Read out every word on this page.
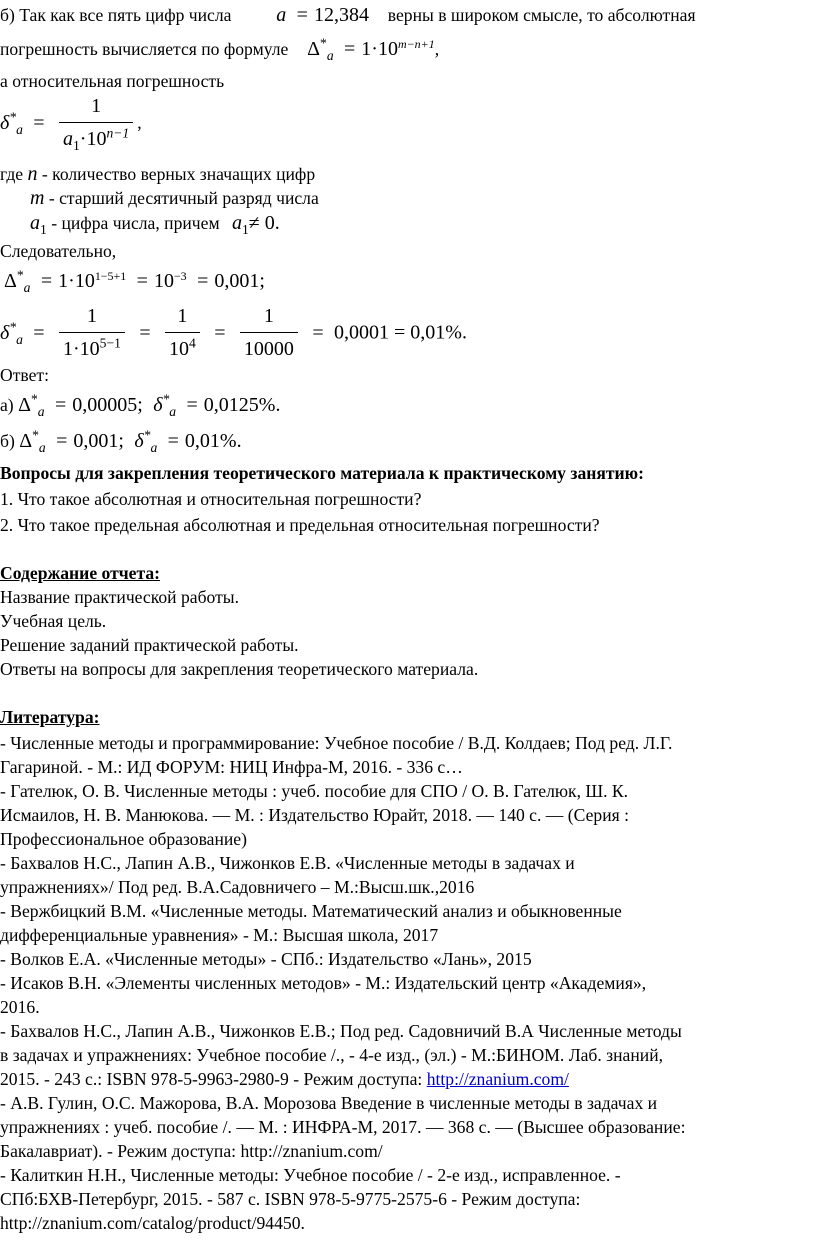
б) Так как все пять цифр числа a = 12,384 верны в широком смысле, то абсолютная
погрешность вычисляется по формуле $\Delta^*_a = 1\cdot 10^{m-n+1}$,
а относительная погрешность
$\delta^*_a = \frac{1}{a_1\cdot 10^{n-1}}$ ,
где n - количество верных значащих цифр
m - старший десятичный разряд числа
$a_1$ - цифра числа, причем $a_1\ne 0$.
Следовательно,
$\Delta^*_a = 1\cdot 10^{1-5+1} = 10^{-3} = 0,001$;
$\delta^*_a = \frac{1}{1\cdot 10^{5-1}} = \frac{1}{10^4} = \frac{1}{10000} = 0,0001 = 0,01\%$.
Ответ:
а) $\Delta^*_a = 0,00005$; $\delta^*_a = 0,0125\%$.
б) $\Delta^*_a = 0,001$; $\delta^*_a = 0,01\%$.
Вопросы для закрепления теоретического материала к практическому занятию:
1. Что такое абсолютная и относительная погрешности?
2. Что такое предельная абсолютная и предельная относительная погрешности?
Содержание отчета:
Название практической работы.
Учебная цель.
Решение заданий практической работы.
Ответы на вопросы для закрепления теоретического материала.
Литература:
- Численные методы и программирование: Учебное пособие / В.Д. Колдаев; Под ред. Л.Г.
Гагариной. - М.: ИД ФОРУМ: НИЦ Инфра-М, 2016. - 336 с…
- Гателюк, О. В. Численные методы : учеб. пособие для СПО / О. В. Гателюк, Ш. К.
Исмаилов, Н. В. Манюкова. — М. : Издательство Юрайт, 2018. — 140 с. — (Серия :
Профессиональное образование)
- Бахвалов Н.С., Лапин А.В., Чижонков Е.В. «Численные методы в задачах и
упражнениях»/ Под ред. В.А.Садовничего – М.:Высш.шк.,2016
- Вержбицкий В.М. «Численные методы. Математический анализ и обыкновенные
дифференциальные уравнения» - М.: Высшая школа, 2017
- Волков Е.А. «Численные методы» - СПб.: Издательство «Лань», 2015
- Исаков В.Н. «Элементы численных методов» - М.: Издательский центр «Академия»,
2016.
- Бахвалов Н.С., Лапин А.В., Чижонков Е.В.; Под ред. Садовничий В.А Численные методы
в задачах и упражнениях: Учебное пособие /., - 4-е изд., (эл.) - М.:БИНОМ. Лаб. знаний,
2015. - 243 с.: ISBN 978-5-9963-2980-9 - Режим доступа: http://znanium.com/
- А.В. Гулин, О.С. Мажорова, В.А. Морозова Введение в численные методы в задачах и
упражнениях : учеб. пособие /. — М. : ИНФРА-М, 2017. — 368 с. — (Высшее образование:
Бакалавриат). - Режим доступа: http://znanium.com/
- Калиткин Н.Н., Численные методы: Учебное пособие / - 2-е изд., исправленное. -
СПб:БХВ-Петербург, 2015. - 587 с. ISBN 978-5-9775-2575-6 - Режим доступа:
http://znanium.com/catalog/product/94450.
